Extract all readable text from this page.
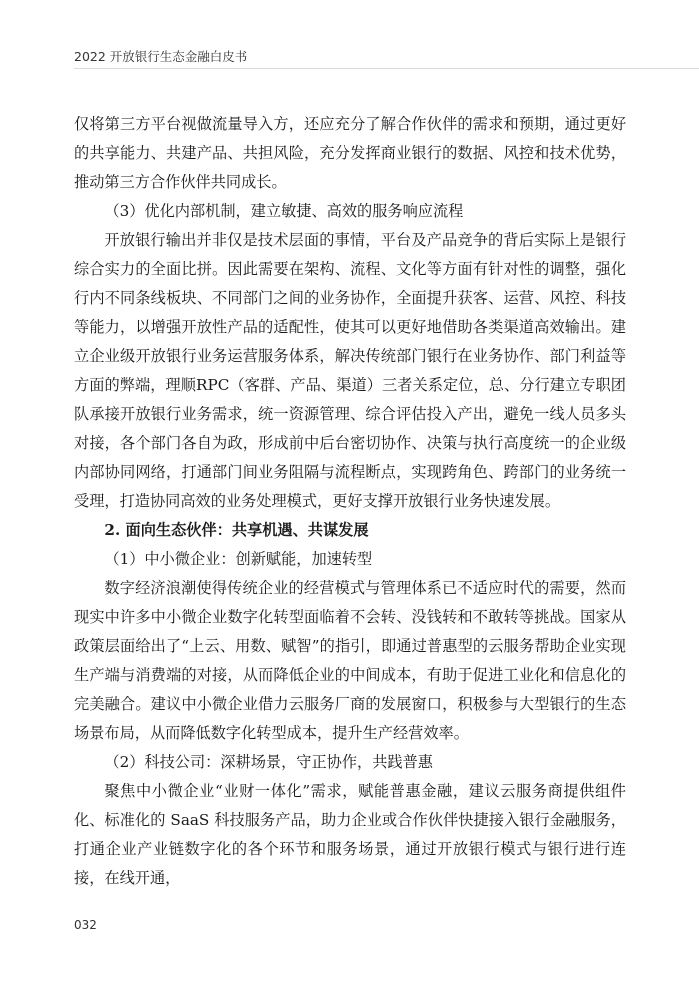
2022 开放银行生态金融白皮书

仅将第三方平台视做流量导入方，还应充分了解合作伙伴的需求和预期，通过更好的共享能力、共建产品、共担风险，充分发挥商业银行的数据、风控和技术优势，推动第三方合作伙伴共同成长。

（3）优化内部机制，建立敏捷、高效的服务响应流程

开放银行输出并非仅是技术层面的事情，平台及产品竞争的背后实际上是银行综合实力的全面比拼。因此需要在架构、流程、文化等方面有针对性的调整，强化行内不同条线板块、不同部门之间的业务协作，全面提升获客、运营、风控、科技等能力，以增强开放性产品的适配性，使其可以更好地借助各类渠道高效输出。建立企业级开放银行业务运营服务体系，解决传统部门银行在业务协作、部门利益等方面的弊端，理顺RPC（客群、产品、渠道）三者关系定位，总、分行建立专职团队承接开放银行业务需求，统一资源管理、综合评估投入产出，避免一线人员多头对接，各个部门各自为政，形成前中后台密切协作、决策与执行高度统一的企业级内部协同网络，打通部门间业务阻隔与流程断点，实现跨角色、跨部门的业务统一受理，打造协同高效的业务处理模式，更好支撑开放银行业务快速发展。

2. 面向生态伙伴：共享机遇、共谋发展

（1）中小微企业：创新赋能，加速转型

数字经济浪潮使得传统企业的经营模式与管理体系已不适应时代的需要，然而现实中许多中小微企业数字化转型面临着不会转、没钱转和不敢转等挑战。国家从政策层面给出了“上云、用数、赋智”的指引，即通过普惠型的云服务帮助企业实现生产端与消费端的对接，从而降低企业的中间成本，有助于促进工业化和信息化的完美融合。建议中小微企业借力云服务厂商的发展窗口，积极参与大型银行的生态场景布局，从而降低数字化转型成本，提升生产经营效率。

（2）科技公司：深耕场景，守正协作，共践普惠

聚焦中小微企业“业财一体化”需求，赋能普惠金融，建议云服务商提供组件化、标准化的 SaaS 科技服务产品，助力企业或合作伙伴快捷接入银行金融服务，打通企业产业链数字化的各个环节和服务场景，通过开放银行模式与银行进行连接，在线开通，

032
